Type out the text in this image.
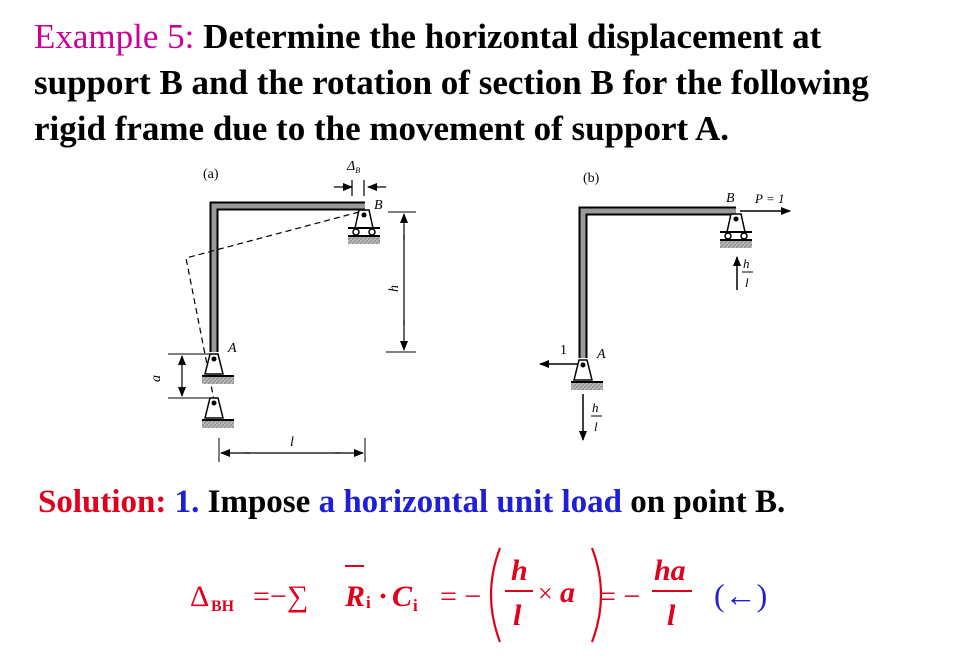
Example 5: Determine the horizontal displacement at support B and the rotation of section B for the following rigid frame due to the movement of support A.
(a)
B
$\Delta_B$
A
a
h
l
(b)
B P = 1
h
l
A
1
h
l
Δ BH =−∑ R i · C i = −
h
l
× a = −
ha
l
(←)
Solution: 1. Impose a horizontal unit load on point B.
